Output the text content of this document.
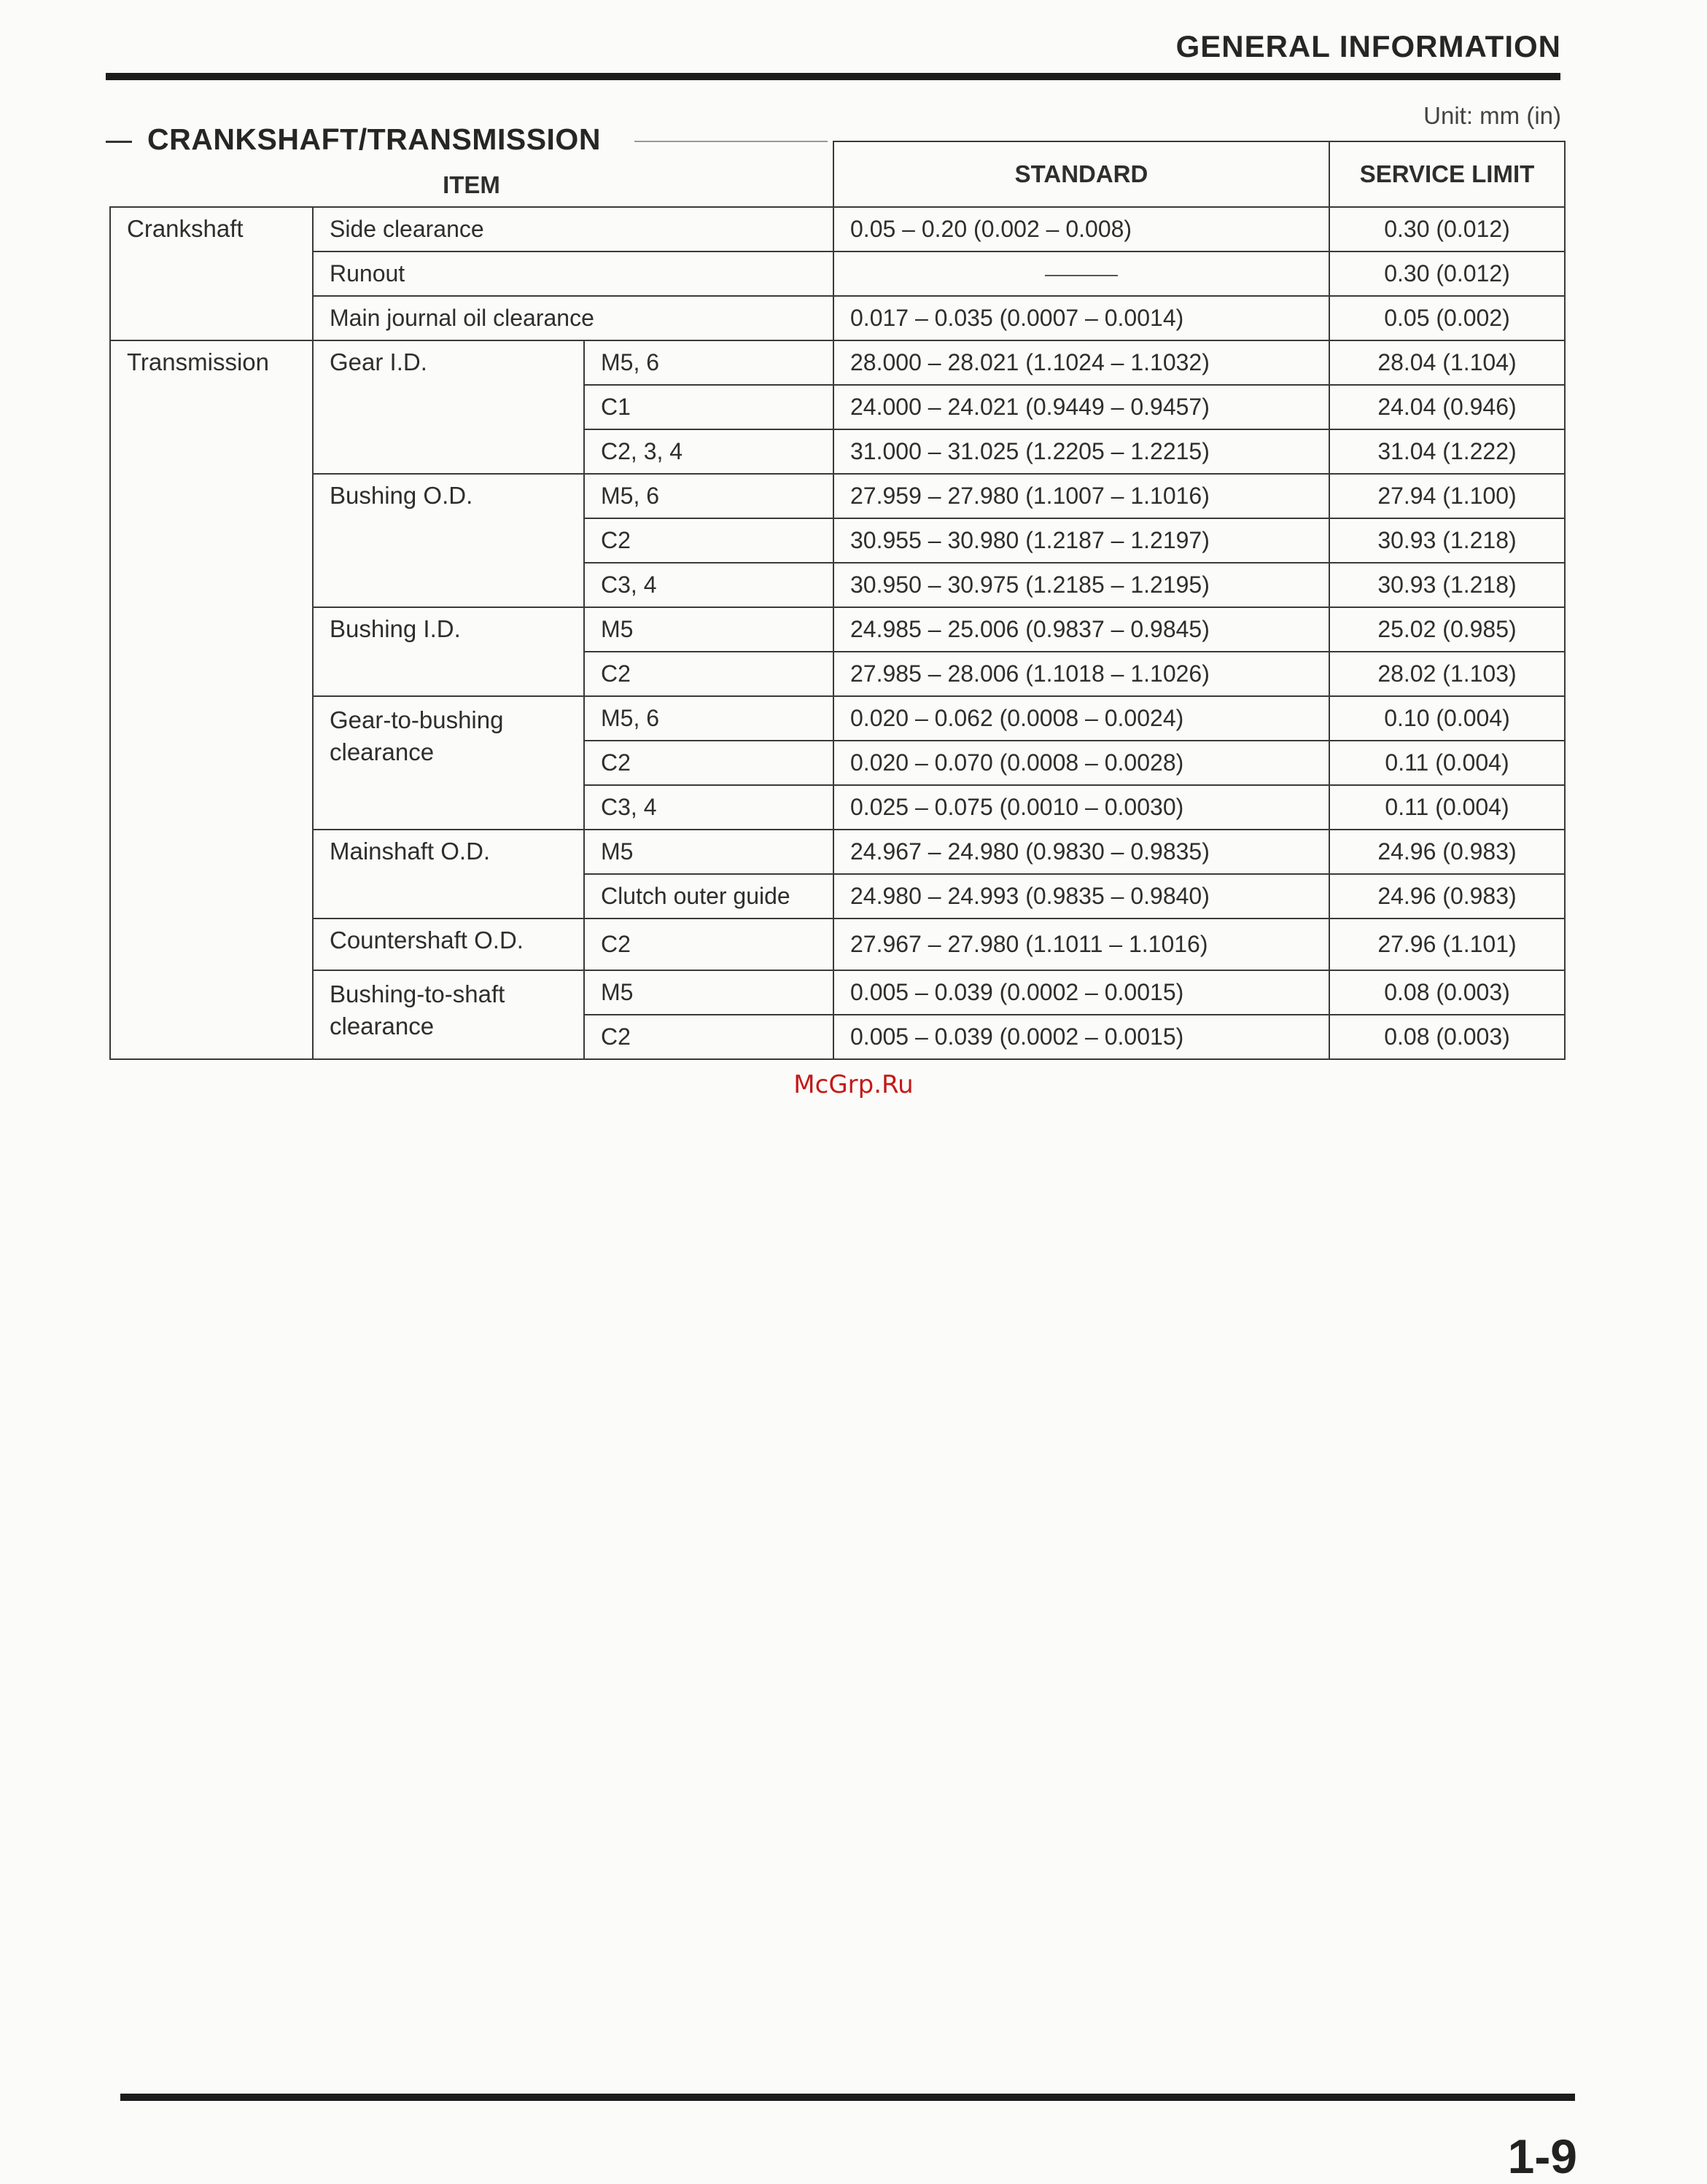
GENERAL INFORMATION
Unit: mm (in)
ITEM			STANDARD	SERVICE LIMIT
Crankshaft	Side clearance		0.05 – 0.20 (0.002 – 0.008)	0.30 (0.012)
	Runout			0.30 (0.012)
	Main journal oil clearance		0.017 – 0.035 (0.0007 – 0.0014)	0.05 (0.002)
Transmission	Gear I.D.	M5, 6	28.000 – 28.021 (1.1024 – 1.1032)	28.04 (1.104)
		C1	24.000 – 24.021 (0.9449 – 0.9457)	24.04 (0.946)
		C2, 3, 4	31.000 – 31.025 (1.2205 – 1.2215)	31.04 (1.222)
	Bushing O.D.	M5, 6	27.959 – 27.980 (1.1007 – 1.1016)	27.94 (1.100)
		C2	30.955 – 30.980 (1.2187 – 1.2197)	30.93 (1.218)
		C3, 4	30.950 – 30.975 (1.2185 – 1.2195)	30.93 (1.218)
	Bushing I.D.	M5	24.985 – 25.006 (0.9837 – 0.9845)	25.02 (0.985)
		C2	27.985 – 28.006 (1.1018 – 1.1026)	28.02 (1.103)
	Gear-to-bushing clearance	M5, 6	0.020 – 0.062 (0.0008 – 0.0024)	0.10 (0.004)
		C2	0.020 – 0.070 (0.0008 – 0.0028)	0.11 (0.004)
		C3, 4	0.025 – 0.075 (0.0010 – 0.0030)	0.11 (0.004)
	Mainshaft O.D.	M5	24.967 – 24.980 (0.9830 – 0.9835)	24.96 (0.983)
		Clutch outer guide	24.980 – 24.993 (0.9835 – 0.9840)	24.96 (0.983)
	Countershaft O.D.	C2	27.967 – 27.980 (1.1011 – 1.1016)	27.96 (1.101)
	Bushing-to-shaft clearance	M5	0.005 – 0.039 (0.0002 – 0.0015)	0.08 (0.003)
		C2	0.005 – 0.039 (0.0002 – 0.0015)	0.08 (0.003)
CRANKSHAFT/TRANSMISSION
McGrp.Ru
1-9
